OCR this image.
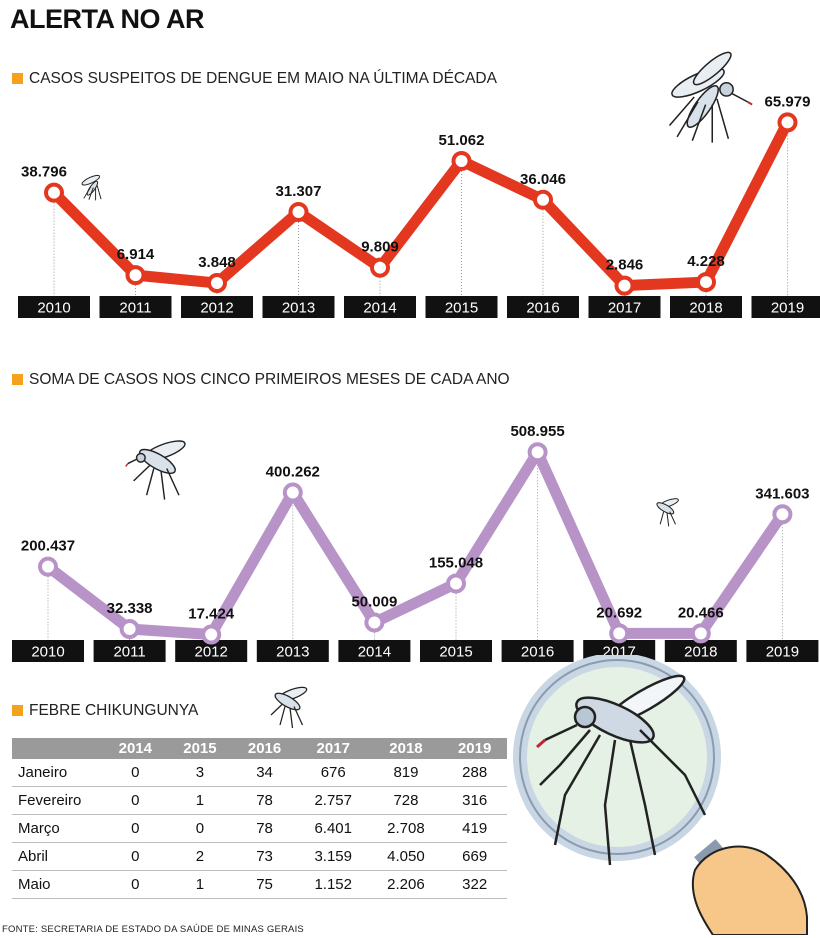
ALERTA NO AR
CASOS SUSPEITOS DE DENGUE EM MAIO NA ÚLTIMA DÉCADA
2010	2011	2012	2013	2014	2015	2016	2017	2018	2019
38.796
6.914	3.848
31.307
9.809
51.062
36.046
2.846	4.228
65.979
SOMA DE CASOS NOS CINCO PRIMEIROS MESES DE CADA ANO
2010	2011	2012	2013	2014	2015	2016	2017	2018	2019
200.437
32.338 17.424
400.262
50.009
155.048
508.955
20.692 20.466
341.603
FEBRE CHIKUNGUNYA
	2014	2015	2016	2017	2018	2019
Janeiro	0	3	34	676	819	288
Fevereiro	0	1	78	2.757	728	316
Março	0	0	78	6.401	2.708	419
Abril	0	2	73	3.159	4.050	669
Maio	0	1	75	1.152	2.206	322
FONTE: SECRETARIA DE ESTADO DA SAÚDE DE MINAS GERAIS
